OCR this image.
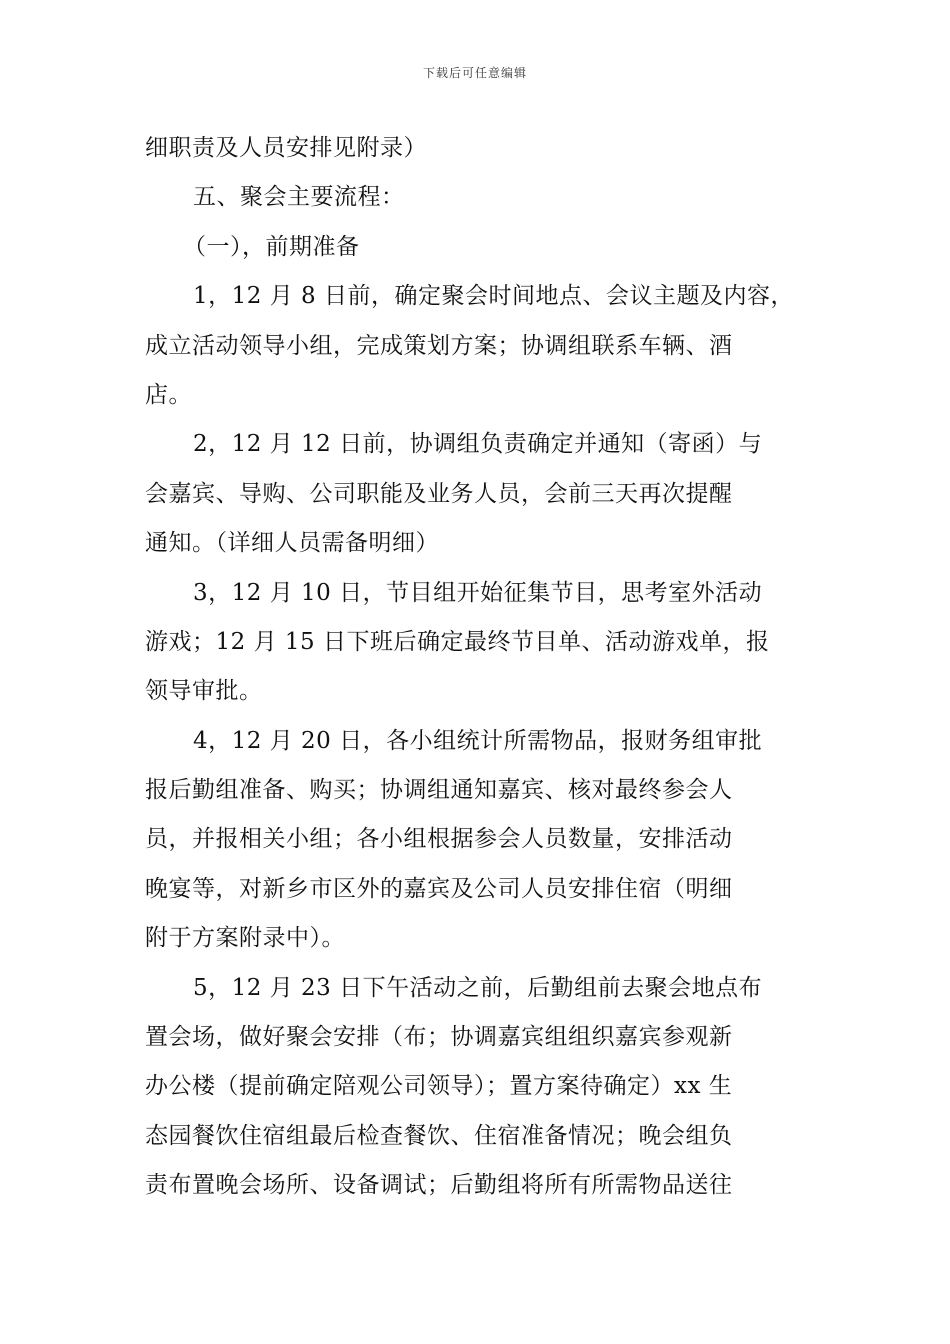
下载后可任意编辑
细职责及人员安排见附录）
五、聚会主要流程：
（一），前期准备
1，12 月 8 日前，确定聚会时间地点、会议主题及内容，
成立活动领导小组，完成策划方案；协调组联系车辆、酒
店。
2，12 月 12 日前，协调组负责确定并通知（寄函）与
会嘉宾、导购、公司职能及业务人员，会前三天再次提醒
通知。（详细人员需备明细）
3，12 月 10 日，节目组开始征集节目，思考室外活动
游戏；12 月 15 日下班后确定最终节目单、活动游戏单，报
领导审批。
4，12 月 20 日，各小组统计所需物品，报财务组审批
报后勤组准备、购买；协调组通知嘉宾、核对最终参会人
员，并报相关小组；各小组根据参会人员数量，安排活动
晚宴等，对新乡市区外的嘉宾及公司人员安排住宿（明细
附于方案附录中）。
5，12 月 23 日下午活动之前，后勤组前去聚会地点布
置会场，做好聚会安排（布；协调嘉宾组组织嘉宾参观新
办公楼（提前确定陪观公司领导）；置方案待确定）xx 生
态园餐饮住宿组最后检查餐饮、住宿准备情况；晚会组负
责布置晚会场所、设备调试；后勤组将所有所需物品送往
